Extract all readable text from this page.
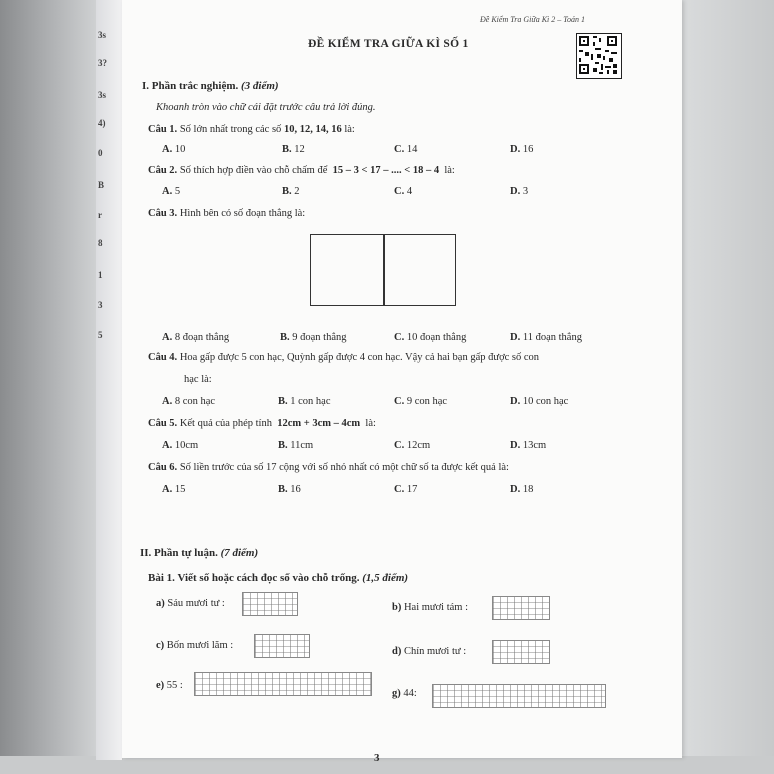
3s
3?
3s
4)
0
B
r
8
1
3
5
Đề Kiểm Tra Giữa Kì 2 – Toán 1
ĐỀ KIỂM TRA GIỮA KÌ SỐ 1
I. Phần trắc nghiệm. (3 điểm)
Khoanh tròn vào chữ cái đặt trước câu trả lời đúng.
Câu 1. Số lớn nhất trong các số 10, 12, 14, 16 là:
A. 10	B. 12	C. 14	D. 16
Câu 2. Số thích hợp điền vào chỗ chấm để 15 – 3 < 17 – .... < 18 – 4 là:
A. 5	B. 2	C. 4	D. 3
Câu 3. Hình bên có số đoạn thẳng là:
A. 8 đoạn thẳng	B. 9 đoạn thẳng	C. 10 đoạn thẳng	D. 11 đoạn thẳng
Câu 4. Hoa gấp được 5 con hạc, Quỳnh gấp được 4 con hạc. Vậy cả hai bạn gấp được số con
hạc là:
A. 8 con hạc	B. 1 con hạc	C. 9 con hạc	D. 10 con hạc
Câu 5. Kết quả của phép tính 12cm + 3cm – 4cm là:
A. 10cm	B. 11cm	C. 12cm	D. 13cm
Câu 6. Số liền trước của số 17 cộng với số nhỏ nhất có một chữ số ta được kết quả là:
A. 15	B. 16	C. 17	D. 18
II. Phần tự luận. (7 điểm)
Bài 1. Viết số hoặc cách đọc số vào chỗ trống. (1,5 điểm)
a) Sáu mươi tư :	b) Hai mươi tám :
c) Bốn mươi lăm :
d) Chín mươi tư :
e) 55 :
g) 44:
3
